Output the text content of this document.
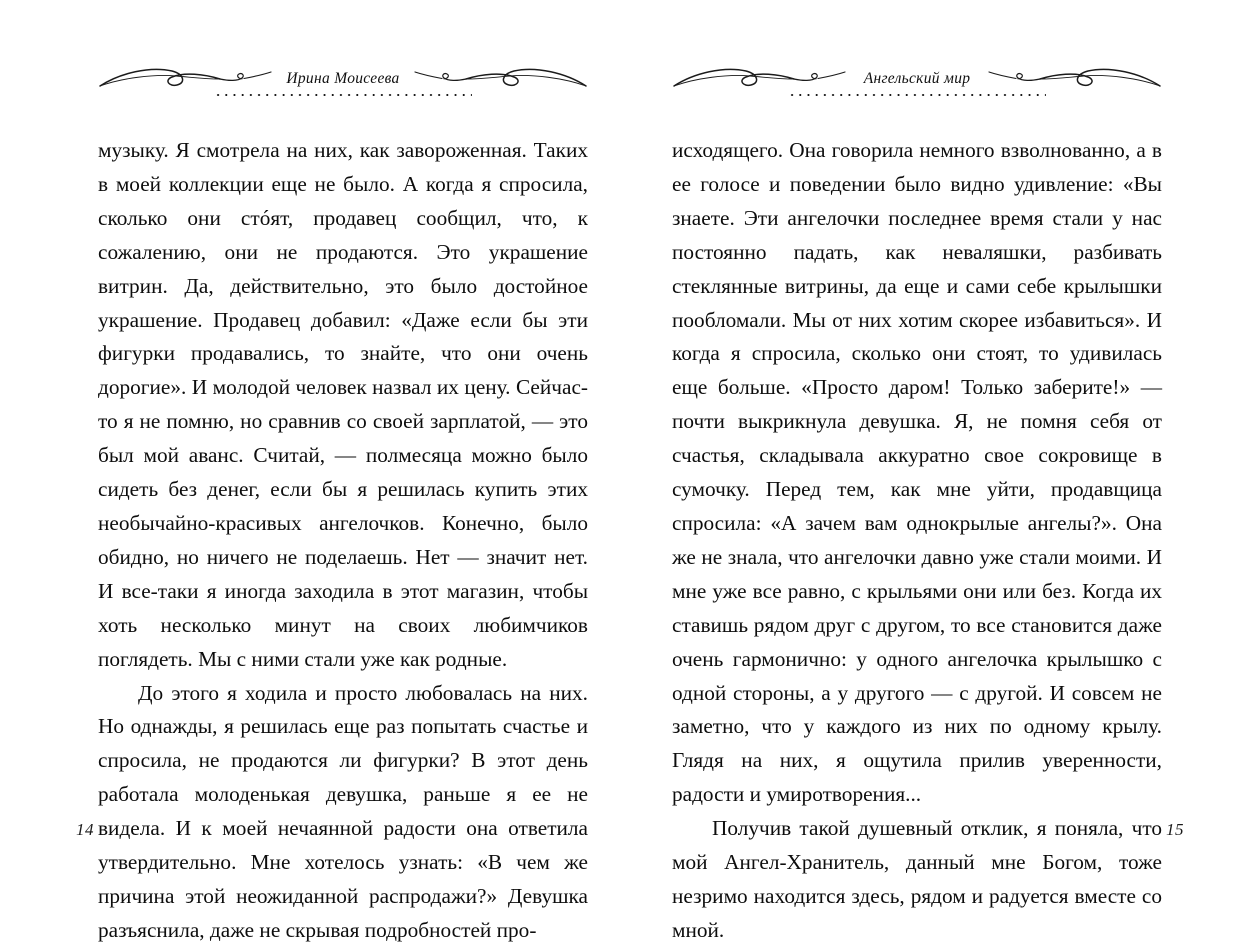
Ирина Моисеева

музыку. Я смотрела на них, как завороженная. Таких в моей коллекции еще не было. А когда я спросила, сколько они стóят, продавец сообщил, что, к сожалению, они не продаются. Это украшение витрин. Да, действительно, это было достойное украшение. Продавец добавил: «Даже если бы эти фигурки продавались, то знайте, что они очень дорогие». И молодой человек назвал их цену. Сейчас-то я не помню, но сравнив со своей зарплатой, — это был мой аванс. Считай, — полмесяца можно было сидеть без денег, если бы я решилась купить этих необычайно-красивых ангелочков. Конечно, было обидно, но ничего не поделаешь. Нет — значит нет. И все-таки я иногда заходила в этот магазин, чтобы хоть несколько минут на своих любимчиков поглядеть. Мы с ними стали уже как родные.

До этого я ходила и просто любовалась на них. Но однажды, я решилась еще раз попытать счастье и спросила, не продаются ли фигурки? В этот день работала молоденькая девушка, раньше я ее не видела. И к моей нечаянной радости она ответила утвердительно. Мне хотелось узнать: «В чем же причина этой неожиданной распродажи?» Девушка разъяснила, даже не скрывая подробностей про-

14
Ангельский мир

исходящего. Она говорила немного взволнованно, а в ее голосе и поведении было видно удивление: «Вы знаете. Эти ангелочки последнее время стали у нас постоянно падать, как неваляшки, разбивать стеклянные витрины, да еще и сами себе крылышки пообломали. Мы от них хотим скорее избавиться». И когда я спросила, сколько они стоят, то удивилась еще больше. «Просто даром! Только заберите!» — почти выкрикнула девушка. Я, не помня себя от счастья, складывала аккуратно свое сокровище в сумочку. Перед тем, как мне уйти, продавщица спросила: «А зачем вам однокрылые ангелы?». Она же не знала, что ангелочки давно уже стали моими. И мне уже все равно, с крыльями они или без. Когда их ставишь рядом друг с другом, то все становится даже очень гармонично: у одного ангелочка крылышко с одной стороны, а у другого — с другой. И совсем не заметно, что у каждого из них по одному крылу. Глядя на них, я ощутила прилив уверенности, радости и умиротворения...

Получив такой душевный отклик, я поняла, что мой Ангел-Хранитель, данный мне Богом, тоже незримо находится здесь, рядом и радуется вместе со мной.

15
